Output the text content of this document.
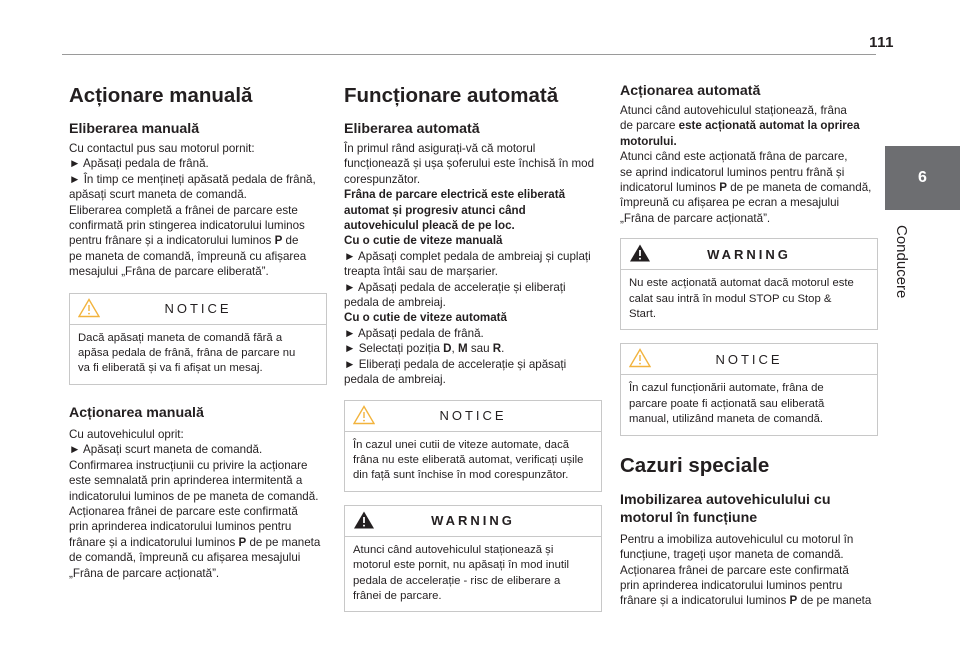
111
6
Conducere
Acționare manuală
Eliberarea manuală

Cu contactul pus sau motorul pornit:

► Apăsați pedala de frână.

► În timp ce mențineți apăsată pedala de frână,

apăsați scurt maneta de comandă.

Eliberarea completă a frânei de parcare este

confirmată prin stingerea indicatorului luminos

pentru frânare și a indicatorului luminos P de

pe maneta de comandă, împreună cu afișarea

mesajului „Frâna de parcare eliberată”.

NOTICE

Dacă apăsați maneta de comandă fără a

apăsa pedala de frână, frâna de parcare nu

va fi eliberată și va fi afișat un mesaj.

Acționarea manuală

Cu autovehiculul oprit:

► Apăsați scurt maneta de comandă.

Confirmarea instrucțiunii cu privire la acționare

este semnalată prin aprinderea intermitentă a

indicatorului luminos de pe maneta de comandă.

Acționarea frânei de parcare este confirmată

prin aprinderea indicatorului luminos pentru

frânare și a indicatorului luminos P de pe maneta

de comandă, împreună cu afișarea mesajului

„Frâna de parcare acționată”.

Funcționare automată
Eliberarea automată

În primul rând asigurați-vă că motorul

funcționează și ușa șoferului este închisă în mod

corespunzător.

Frâna de parcare electrică este eliberată

automat și progresiv atunci când

autovehiculul pleacă de pe loc.

Cu o cutie de viteze manuală

► Apăsați complet pedala de ambreiaj și cuplați

treapta întâi sau de marșarier.

► Apăsați pedala de accelerație și eliberați

pedala de ambreiaj.

Cu o cutie de viteze automată

► Apăsați pedala de frână.

► Selectați poziția D, M sau R.

► Eliberați pedala de accelerație și apăsați

pedala de ambreiaj.

NOTICE

În cazul unei cutii de viteze automate, dacă

frâna nu este eliberată automat, verificați ușile

din față sunt închise în mod corespunzător.

WARNING

Atunci când autovehiculul staționează și

motorul este pornit, nu apăsați în mod inutil

pedala de accelerație - risc de eliberare a

frânei de parcare.

Acționarea automată

Atunci când autovehiculul staționează, frâna

de parcare este acționată automat la oprirea

motorului.

Atunci când este acționată frâna de parcare,

se aprind indicatorul luminos pentru frână și

indicatorul luminos P de pe maneta de comandă,

împreună cu afișarea pe ecran a mesajului

„Frâna de parcare acționată”.

WARNING

Nu este acționată automat dacă motorul este

calat sau intră în modul STOP cu Stop &

Start.

NOTICE

În cazul funcționării automate, frâna de

parcare poate fi acționată sau eliberată

manual, utilizând maneta de comandă.

Cazuri speciale
Imobilizarea autovehiculului cu
motorul în funcțiune

Pentru a imobiliza autovehiculul cu motorul în

funcțiune, trageți ușor maneta de comandă.

Acționarea frânei de parcare este confirmată

prin aprinderea indicatorului luminos pentru

frânare și a indicatorului luminos P de pe maneta
